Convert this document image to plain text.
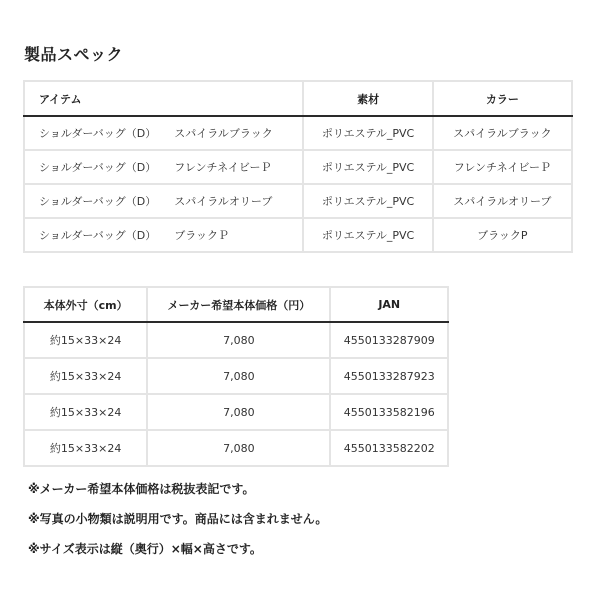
製品スペック
アイテム	素材	カラー
ショルダーバッグ（D） スパイラルブラック	ポリエステル_PVC	スパイラルブラック
ショルダーバッグ（D） フレンチネイビーＰ	ポリエステル_PVC	フレンチネイビーＰ
ショルダーバッグ（D） スパイラルオリーブ	ポリエステル_PVC	スパイラルオリーブ
ショルダーバッグ（D） ブラックＰ	ポリエステル_PVC	ブラックP
本体外寸（cm）	メーカー希望本体価格（円）	JAN
約15×33×24	7,080	4550133287909
約15×33×24	7,080	4550133287923
約15×33×24	7,080	4550133582196
約15×33×24	7,080	4550133582202
※メーカー希望本体価格は税抜表記です。
※写真の小物類は説明用です。商品には含まれません。
※サイズ表示は縦（奥行）×幅×高さです。
